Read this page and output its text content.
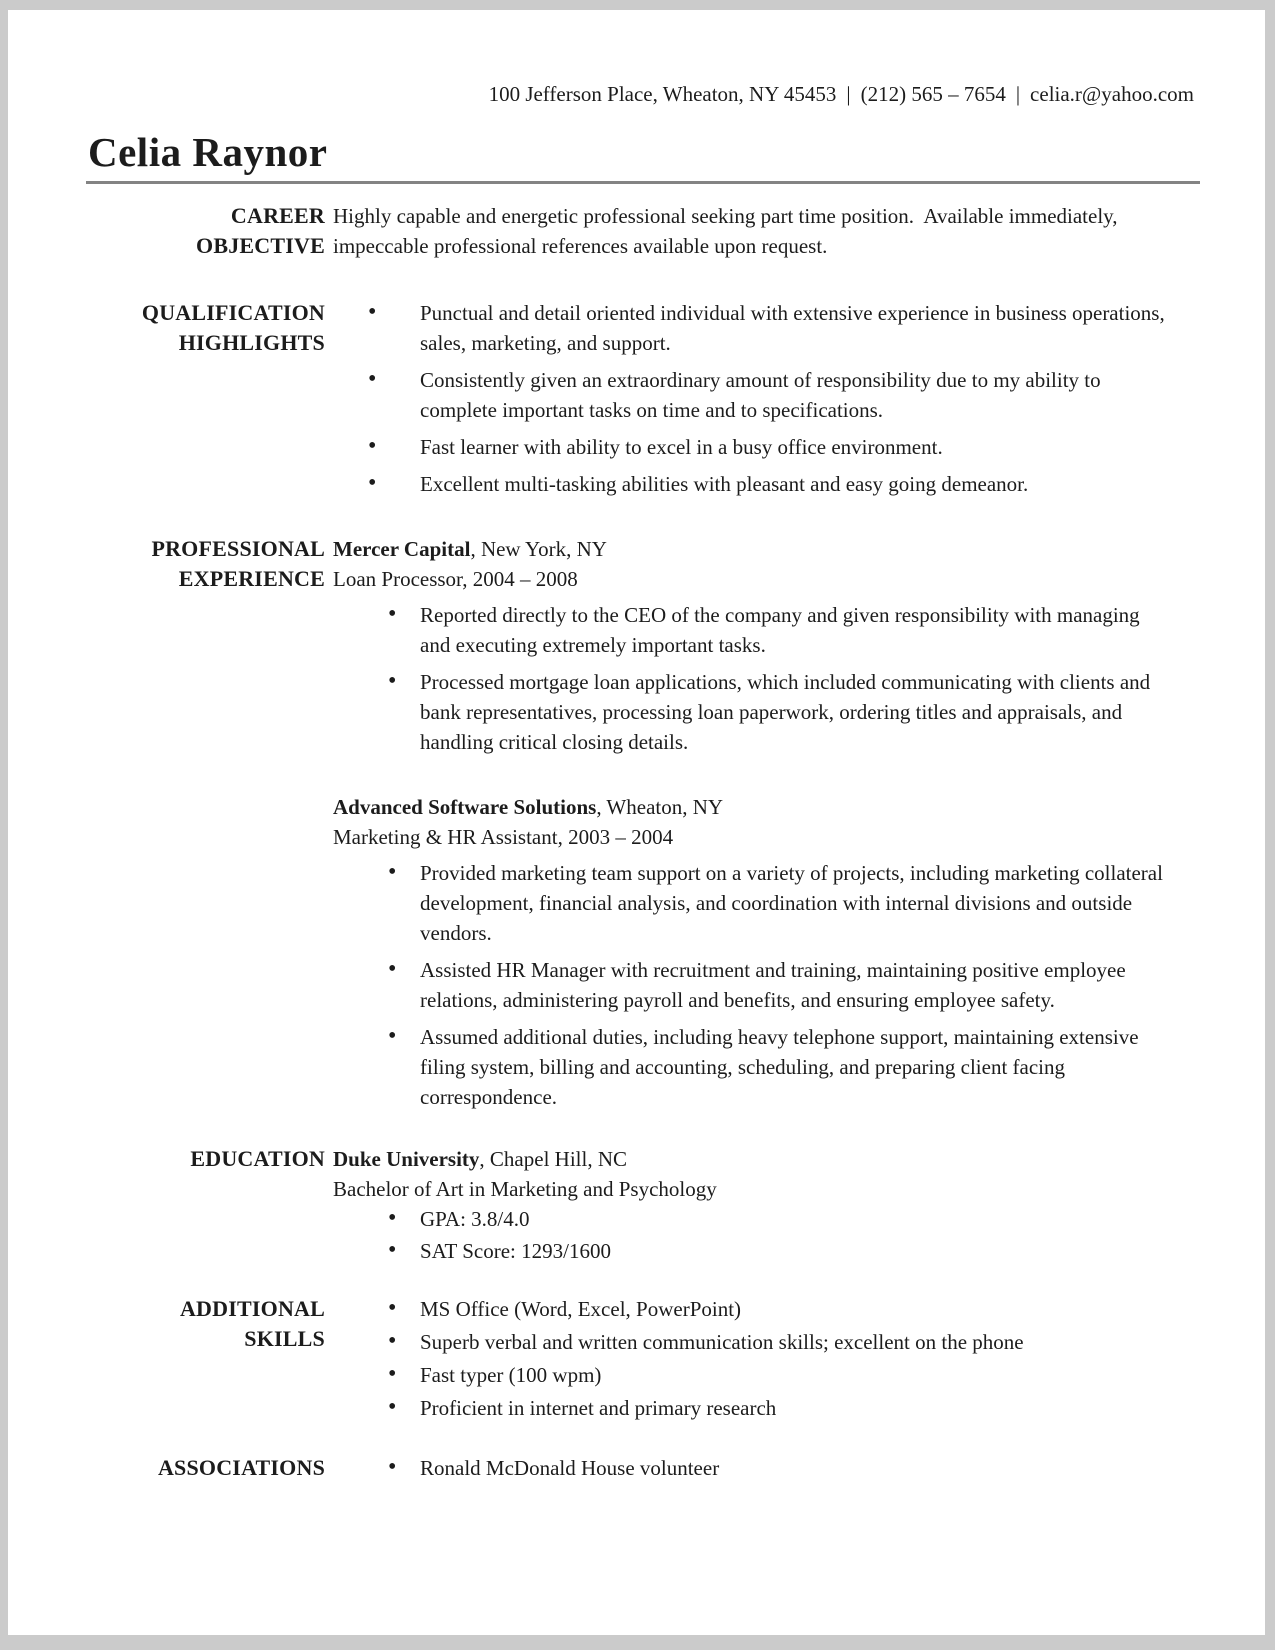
100 Jefferson Place, Wheaton, NY 45453 | (212) 565 – 7654 | celia.r@yahoo.com
Celia Raynor
CAREER
OBJECTIVE

Highly capable and energetic professional seeking part time position.  Available immediately, impeccable professional references available upon request.

QUALIFICATION
HIGHLIGHTS
• Punctual and detail oriented individual with extensive experience in business operations, sales, marketing, and support.
• Consistently given an extraordinary amount of responsibility due to my ability to complete important tasks on time and to specifications.
• Fast learner with ability to excel in a busy office environment.
• Excellent multi-tasking abilities with pleasant and easy going demeanor.
PROFESSIONAL
EXPERIENCE

Mercer Capital, New York, NY

Loan Processor, 2004 – 2008

• Reported directly to the CEO of the company and given responsibility with managing and executing extremely important tasks.
• Processed mortgage loan applications, which included communicating with clients and bank representatives, processing loan paperwork, ordering titles and appraisals, and handling critical closing details.

Advanced Software Solutions, Wheaton, NY

Marketing & HR Assistant, 2003 – 2004

• Provided marketing team support on a variety of projects, including marketing collateral development, financial analysis, and coordination with internal divisions and outside vendors.
• Assisted HR Manager with recruitment and training, maintaining positive employee relations, administering payroll and benefits, and ensuring employee safety.
• Assumed additional duties, including heavy telephone support, maintaining extensive filing system, billing and accounting, scheduling, and preparing client facing correspondence.
EDUCATION Duke University, Chapel Hill, NC

Bachelor of Art in Marketing and Psychology

• GPA: 3.8/4.0
• SAT Score: 1293/1600
ADDITIONAL
SKILLS
• MS Office (Word, Excel, PowerPoint)
• Superb verbal and written communication skills; excellent on the phone
• Fast typer (100 wpm)
• Proficient in internet and primary research
ASSOCIATIONS	• Ronald McDonald House volunteer
